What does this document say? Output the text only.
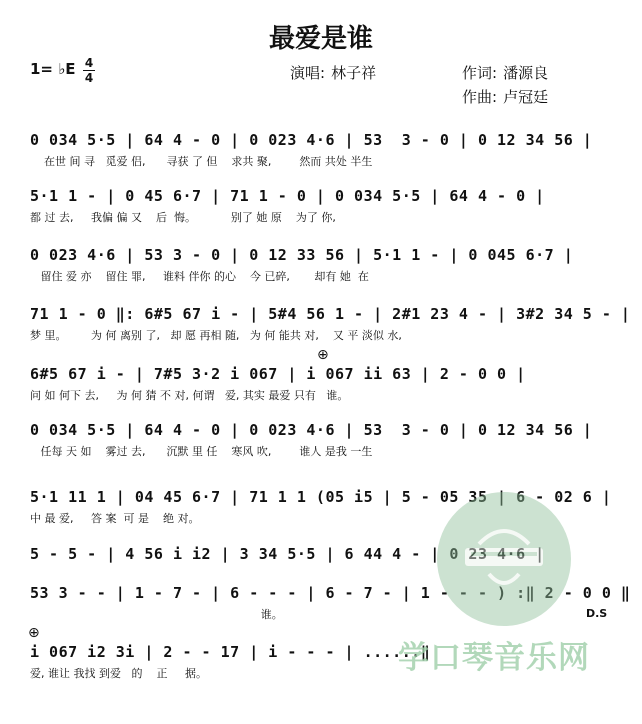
最爱是谁
1= ♭E 4
4	演唱: 林子祥	作词: 潘源良
作曲: 卢冠廷
0 034 5·5 | 64 4 - 0 | 0 023 4·6 | 53  3 - 0 | 0 12 34 56 |
在世 间 寻   觅爱 侣,      寻获 了 但    求共 聚,        然而 共处 半生
5·1 1 - | 0 45 6·7 | 71 1 - 0 | 0 034 5·5 | 64 4 - 0 |
都 过 去,     我偏 偏 又    后  悔。          别了 她 原    为了 你,
0 023 4·6 | 53 3 - 0 | 0 12 33 56 | 5·1 1 - | 0 045 6·7 |
留住 爱 亦    留住 罪,     谁料 伴你 的心    今 已碎,       却有 她  在
71 1 - 0 ‖: 6#5 67 i - | 5#4 56 1 - | 2#1 23 4 - | 3#2 34 5 - |
梦 里。       为 何 离别 了,   却 愿 再相 随,   为 何 能共 对,    又 平 淡似 水,
⊕
6#5 67 i - | 7#5 3·2 i 067 | i 067 ii 63 | 2 - 0 0 |
问 如 何下 去,     为 何 猜 不 对, 何谓   爱, 其实 最爱 只有   谁。
0 034 5·5 | 64 4 - 0 | 0 023 4·6 | 53  3 - 0 | 0 12 34 56 |
任每 天 如    雾过 去,      沉默 里 任    寒风 吹,        谁人 是我 一生
5·1 11 1 | 04 45 6·7 | 71 1 1 (05 i5 | 5 - 05 35 | 6 - 02 6 |
中 最 爱,     答 案  可 是    绝 对。
5 - 5 - | 4 56 i i2 | 3 34 5·5 | 6 44 4 - | 0 23 4·6 |
53 3 - - | 1 - 7 - | 6 - - - | 6 - 7 - | 1 - - - ) :‖ 2 - 0 0 ‖
谁。	D.S
⊕
i 067 i2 3i | 2 - - 17 | i - - - | ......‖
爱, 谁让 我找 到爱   的    正     据。	学口琴音乐网
